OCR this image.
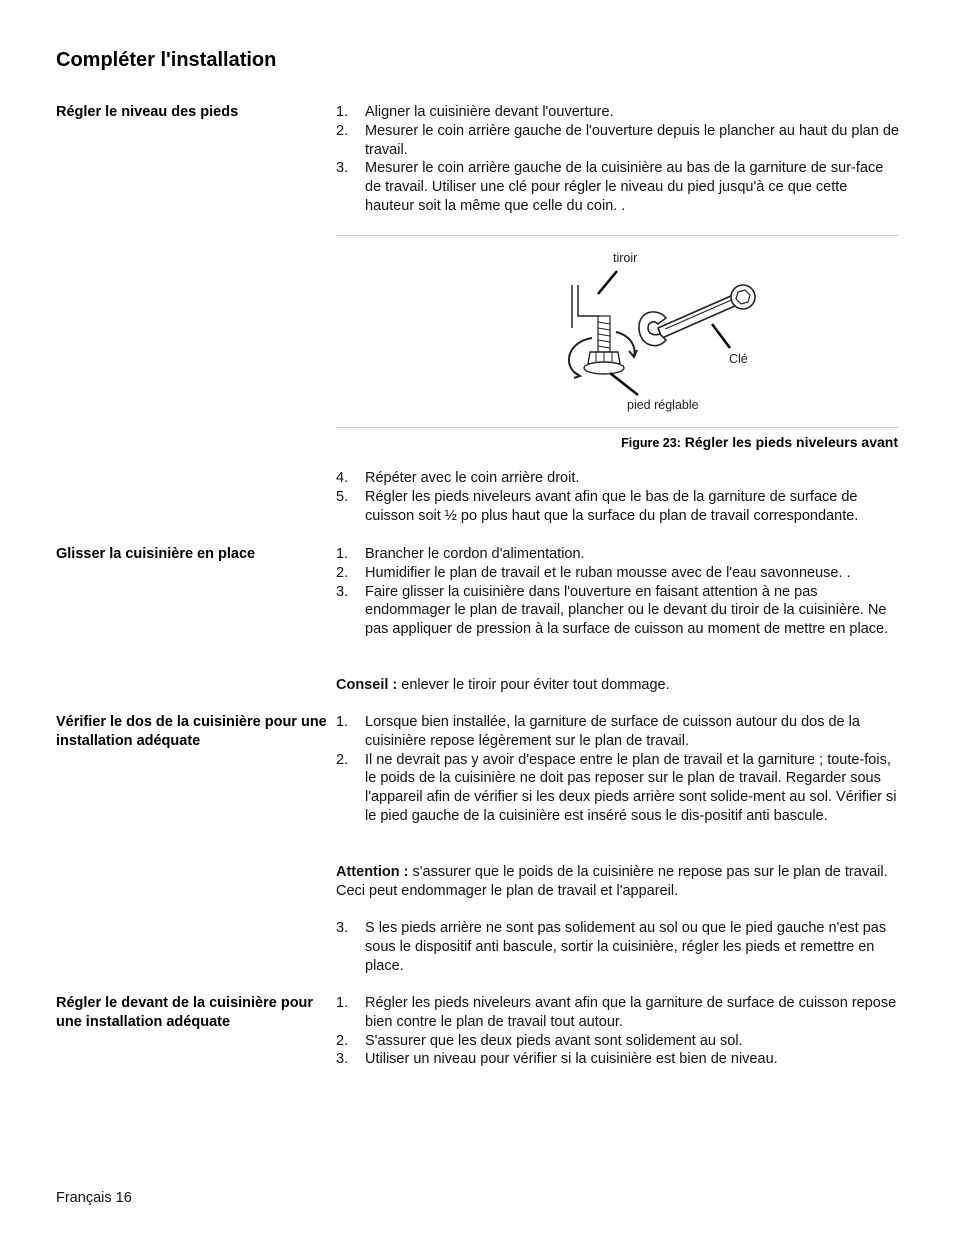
Compléter l'installation
Régler le niveau des pieds	1. Aligner la cuisinière devant l'ouverture.
2. Mesurer le coin arrière gauche de l'ouverture depuis le plancher au haut du plan de travail.
3. Mesurer le coin arrière gauche de la cuisinière au bas de la garniture de sur-face de travail. Utiliser une clé pour régler le niveau du pied jusqu'à ce que cette hauteur soit la même que celle du coin. .
tiroir
Clé
pied réglable
Figure 23: Régler les pieds niveleurs avant
4. Répéter avec le coin arrière droit.
5. Régler les pieds niveleurs avant afin que le bas de la garniture de surface de cuisson soit ½ po plus haut que la surface du plan de travail correspondante.
Glisser la cuisinière en place	1. Brancher le cordon d'alimentation.
2. Humidifier le plan de travail et le ruban mousse avec de l'eau savonneuse. .
3. Faire glisser la cuisinière dans l'ouverture en faisant attention à ne pas endommager le plan de travail, plancher ou le devant du tiroir de la cuisinière. Ne pas appliquer de pression à la surface de cuisson au moment de mettre en place.
Conseil : enlever le tiroir pour éviter tout dommage.
Vérifier le dos de la cuisinière pour une installation adéquate
1. Lorsque bien installée, la garniture de surface de cuisson autour du dos de la cuisinière repose légèrement sur le plan de travail.
2. Il ne devrait pas y avoir d'espace entre le plan de travail et la garniture ; toute-fois, le poids de la cuisinière ne doit pas reposer sur le plan de travail. Regarder sous l'appareil afin de vérifier si les deux pieds arrière sont solide-ment au sol. Vérifier si le pied gauche de la cuisinière est inséré sous le dis-positif anti bascule.
Attention : s'assurer que le poids de la cuisinière ne repose pas sur le plan de travail. Ceci peut endommager le plan de travail et l'appareil.
3. S les pieds arrière ne sont pas solidement au sol ou que le pied gauche n'est pas sous le dispositif anti bascule, sortir la cuisinière, régler les pieds et remettre en place.
Régler le devant de la cuisinière pour une installation adéquate
1. Régler les pieds niveleurs avant afin que la garniture de surface de cuisson repose bien contre le plan de travail tout autour.
2. S'assurer que les deux pieds avant sont solidement au sol.
3. Utiliser un niveau pour vérifier si la cuisinière est bien de niveau.
Français 16
